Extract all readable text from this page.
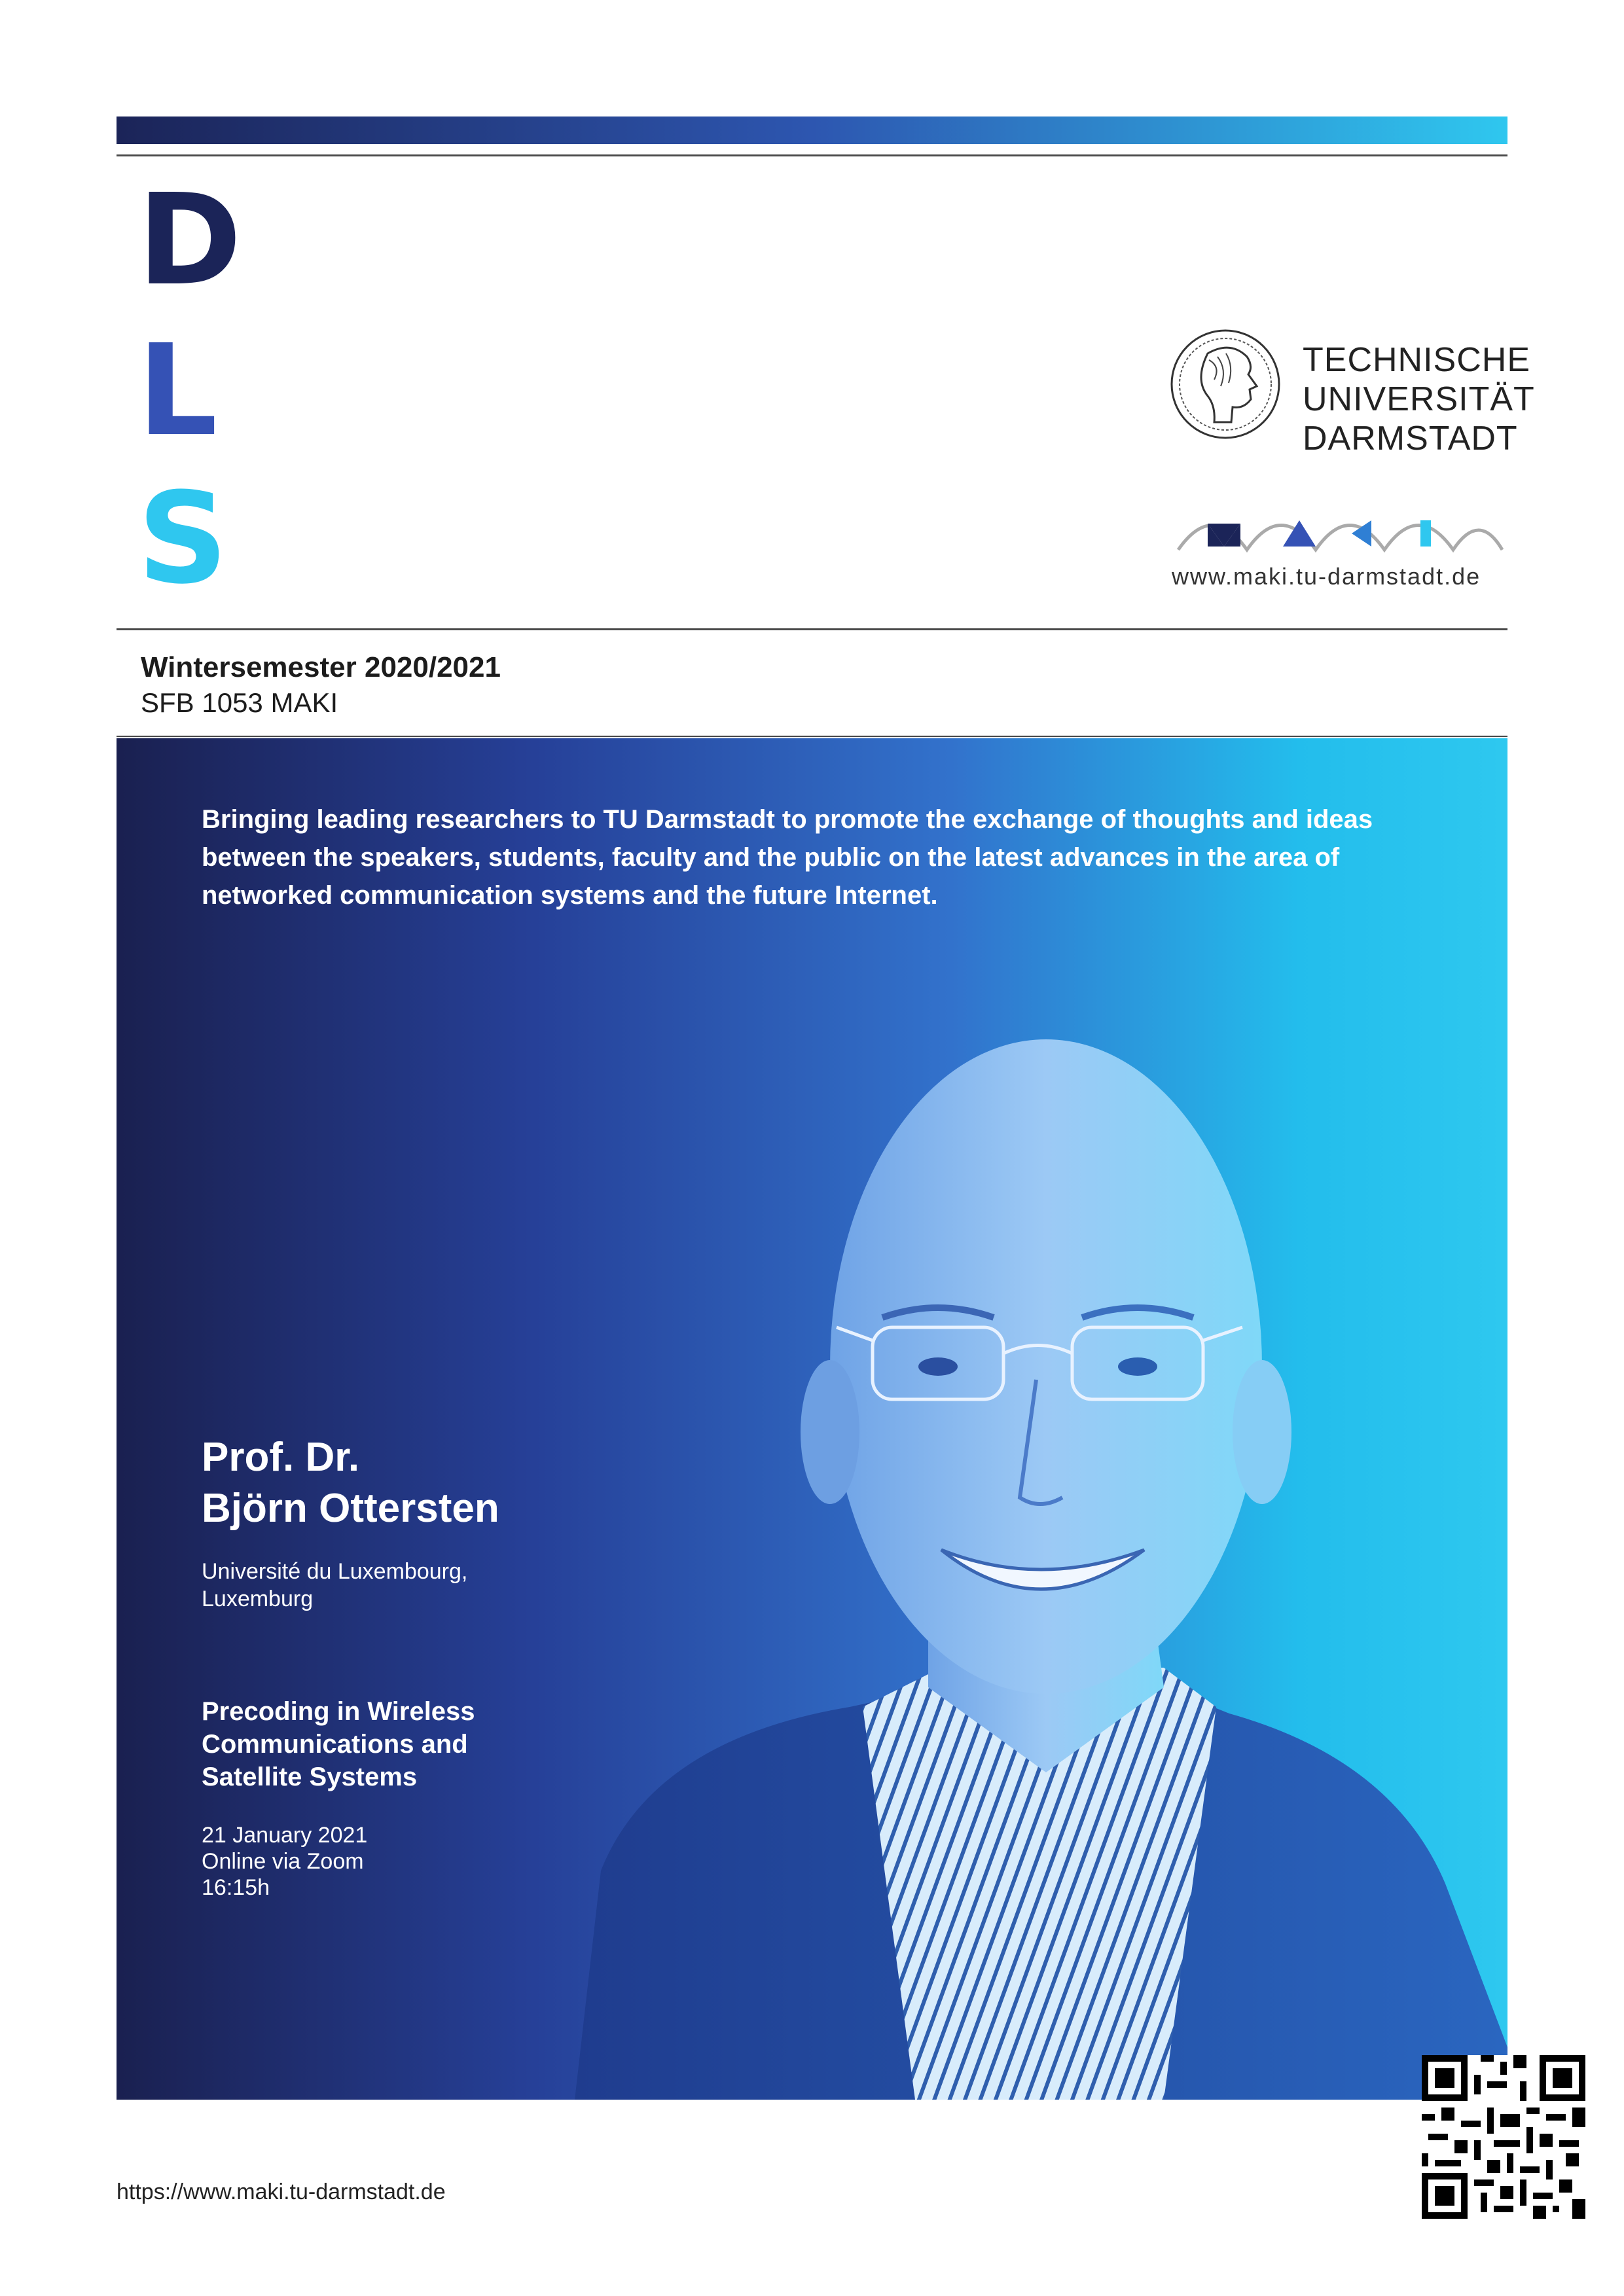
DISTINGUISHED
LECTURE
SERIES
TECHNISCHE
UNIVERSITÄT
DARMSTADT
www.maki.tu-darmstadt.de
Wintersemester 2020/2021
SFB 1053 MAKI
Bringing leading researchers to TU Darmstadt to promote the exchange of thoughts and ideas between the speakers, students, faculty and the public on the latest advances in the area of networked communication systems and the future Internet.
Prof. Dr.
Björn Ottersten
Université du Luxembourg,
Luxemburg
Precoding in Wireless
Communications and
Satellite Systems
21 January 2021
Online via Zoom
16:15h
https://www.maki.tu-darmstadt.de
